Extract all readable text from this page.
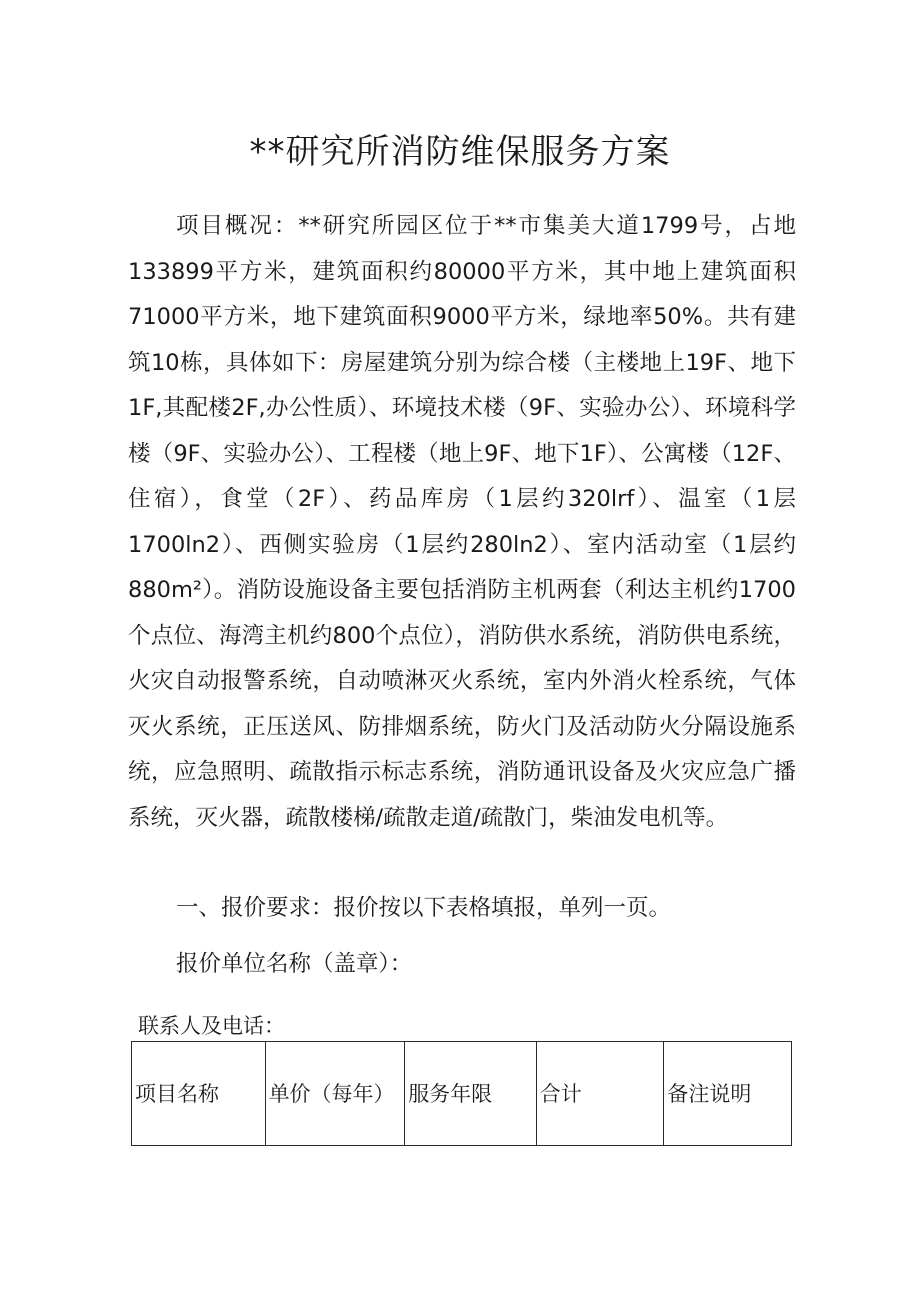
**研究所消防维保服务方案

项目概况：**研究所园区位于**市集美大道1799号，占地133899平方米，建筑面积约80000平方米，其中地上建筑面积71000平方米，地下建筑面积9000平方米，绿地率50%。共有建筑10栋，具体如下：房屋建筑分别为综合楼（主楼地上19F、地下1F,其配楼2F,办公性质）、环境技术楼（9F、实验办公）、环境科学楼（9F、实验办公）、工程楼（地上9F、地下1F）、公寓楼（12F、住宿），食堂（2F）、药品库房（1层约320lrf）、温室（1层1700ln2）、西侧实验房（1层约280ln2）、室内活动室（1层约880m²）。消防设施设备主要包括消防主机两套（利达主机约1700个点位、海湾主机约800个点位），消防供水系统，消防供电系统，火灾自动报警系统，自动喷淋灭火系统，室内外消火栓系统，气体灭火系统，正压送风、防排烟系统，防火门及活动防火分隔设施系统，应急照明、疏散指示标志系统，消防通讯设备及火灾应急广播系统，灭火器，疏散楼梯/疏散走道/疏散门，柴油发电机等。

一、报价要求：报价按以下表格填报，单列一页。
报价单位名称（盖章）：
联系人及电话：
项目名称	单价（每年）	服务年限	合计	备注说明
